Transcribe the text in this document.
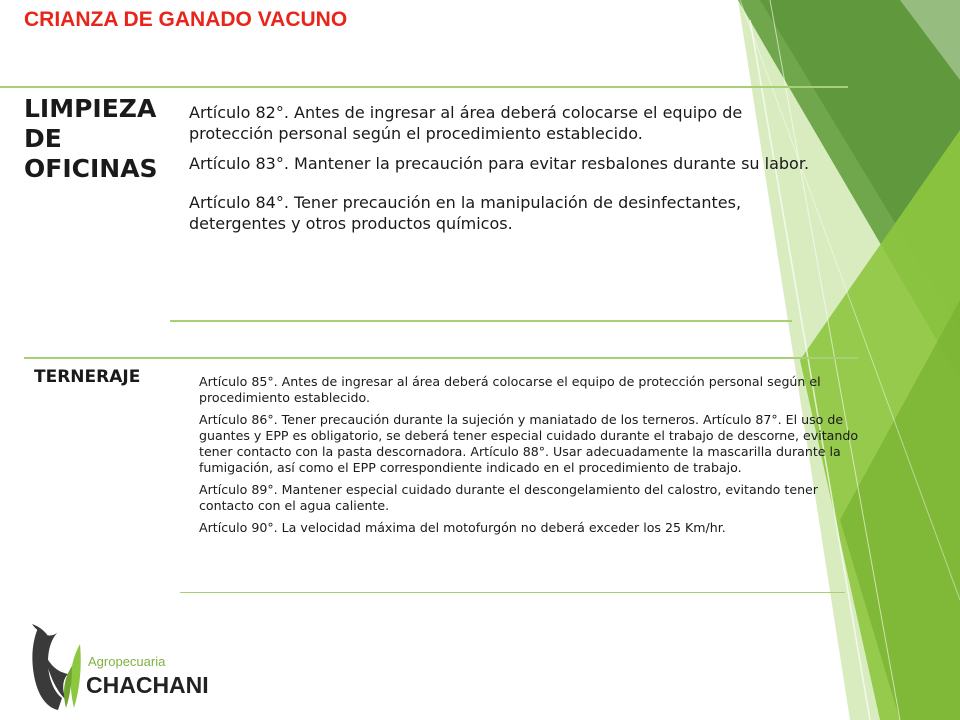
CRIANZA DE GANADO VACUNO
LIMPIEZA DE OFICINAS
Artículo 82°. Antes de ingresar al área deberá colocarse el equipo de protección personal según el procedimiento establecido.
Artículo 83°. Mantener la precaución para evitar resbalones durante su labor.
Artículo 84°. Tener precaución en la manipulación de desinfectantes, detergentes y otros productos químicos.
TERNERAJE	Artículo 85°. Antes de ingresar al área deberá colocarse el equipo de protección personal según el procedimiento establecido.
Artículo 86°. Tener precaución durante la sujeción y maniatado de los terneros. Artículo 87°. El uso de guantes y EPP es obligatorio, se deberá tener especial cuidado durante el trabajo de descorne, evitando tener contacto con la pasta descornadora. Artículo 88°. Usar adecuadamente la mascarilla durante la fumigación, así como el EPP correspondiente indicado en el procedimiento de trabajo.
Artículo 89°. Mantener especial cuidado durante el descongelamiento del calostro, evitando tener contacto con el agua caliente.
Artículo 90°. La velocidad máxima del motofurgón no deberá exceder los 25 Km/hr.

Agropecuaria

CHACHANI
